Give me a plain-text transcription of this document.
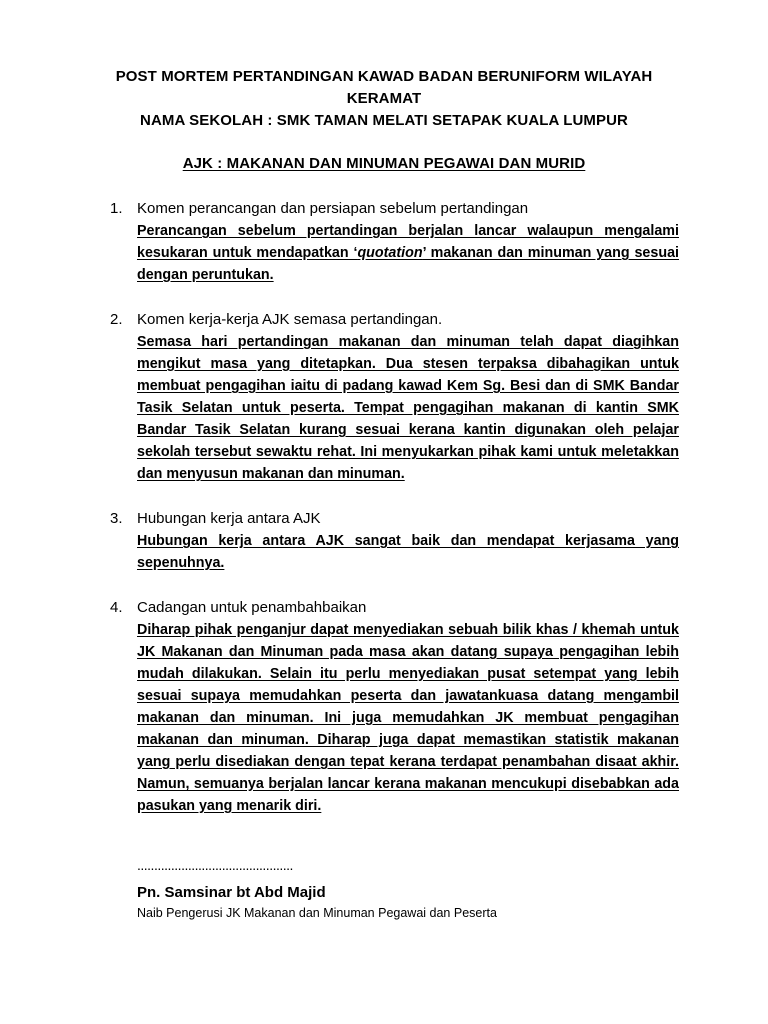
POST MORTEM PERTANDINGAN KAWAD BADAN BERUNIFORM WILAYAH
KERAMAT
NAMA SEKOLAH : SMK TAMAN MELATI SETAPAK KUALA LUMPUR
AJK : MAKANAN DAN MINUMAN PEGAWAI DAN MURID
1. Komen perancangan dan persiapan sebelum pertandingan

Perancangan sebelum pertandingan berjalan lancar walaupun mengalami kesukaran untuk mendapatkan ‘quotation’ makanan dan minuman yang sesuai dengan peruntukan.

2. Komen kerja-kerja AJK semasa pertandingan.

Semasa hari pertandingan makanan dan minuman telah dapat diagihkan mengikut masa yang ditetapkan. Dua stesen terpaksa dibahagikan untuk membuat pengagihan iaitu di padang kawad Kem Sg. Besi dan di SMK Bandar Tasik Selatan untuk peserta. Tempat pengagihan makanan di kantin SMK Bandar Tasik Selatan kurang sesuai kerana kantin digunakan oleh pelajar sekolah tersebut sewaktu rehat. Ini menyukarkan pihak kami untuk meletakkan dan menyusun makanan dan minuman.

3. Hubungan kerja antara AJK

Hubungan kerja antara AJK sangat baik dan mendapat kerjasama yang sepenuhnya.

4. Cadangan untuk penambahbaikan

Diharap pihak penganjur dapat menyediakan sebuah bilik khas / khemah untuk JK Makanan dan Minuman pada masa akan datang supaya pengagihan lebih mudah dilakukan. Selain itu perlu menyediakan pusat setempat yang lebih sesuai supaya memudahkan peserta dan jawatankuasa datang mengambil makanan dan minuman. Ini juga memudahkan JK membuat pengagihan makanan dan minuman. Diharap juga dapat memastikan statistik makanan yang perlu disediakan dengan tepat kerana terdapat penambahan disaat akhir. Namun, semuanya berjalan lancar kerana makanan mencukupi disebabkan ada pasukan yang menarik diri.

..............................................
Pn. Samsinar bt Abd Majid
Naib Pengerusi JK Makanan dan Minuman Pegawai dan Peserta
